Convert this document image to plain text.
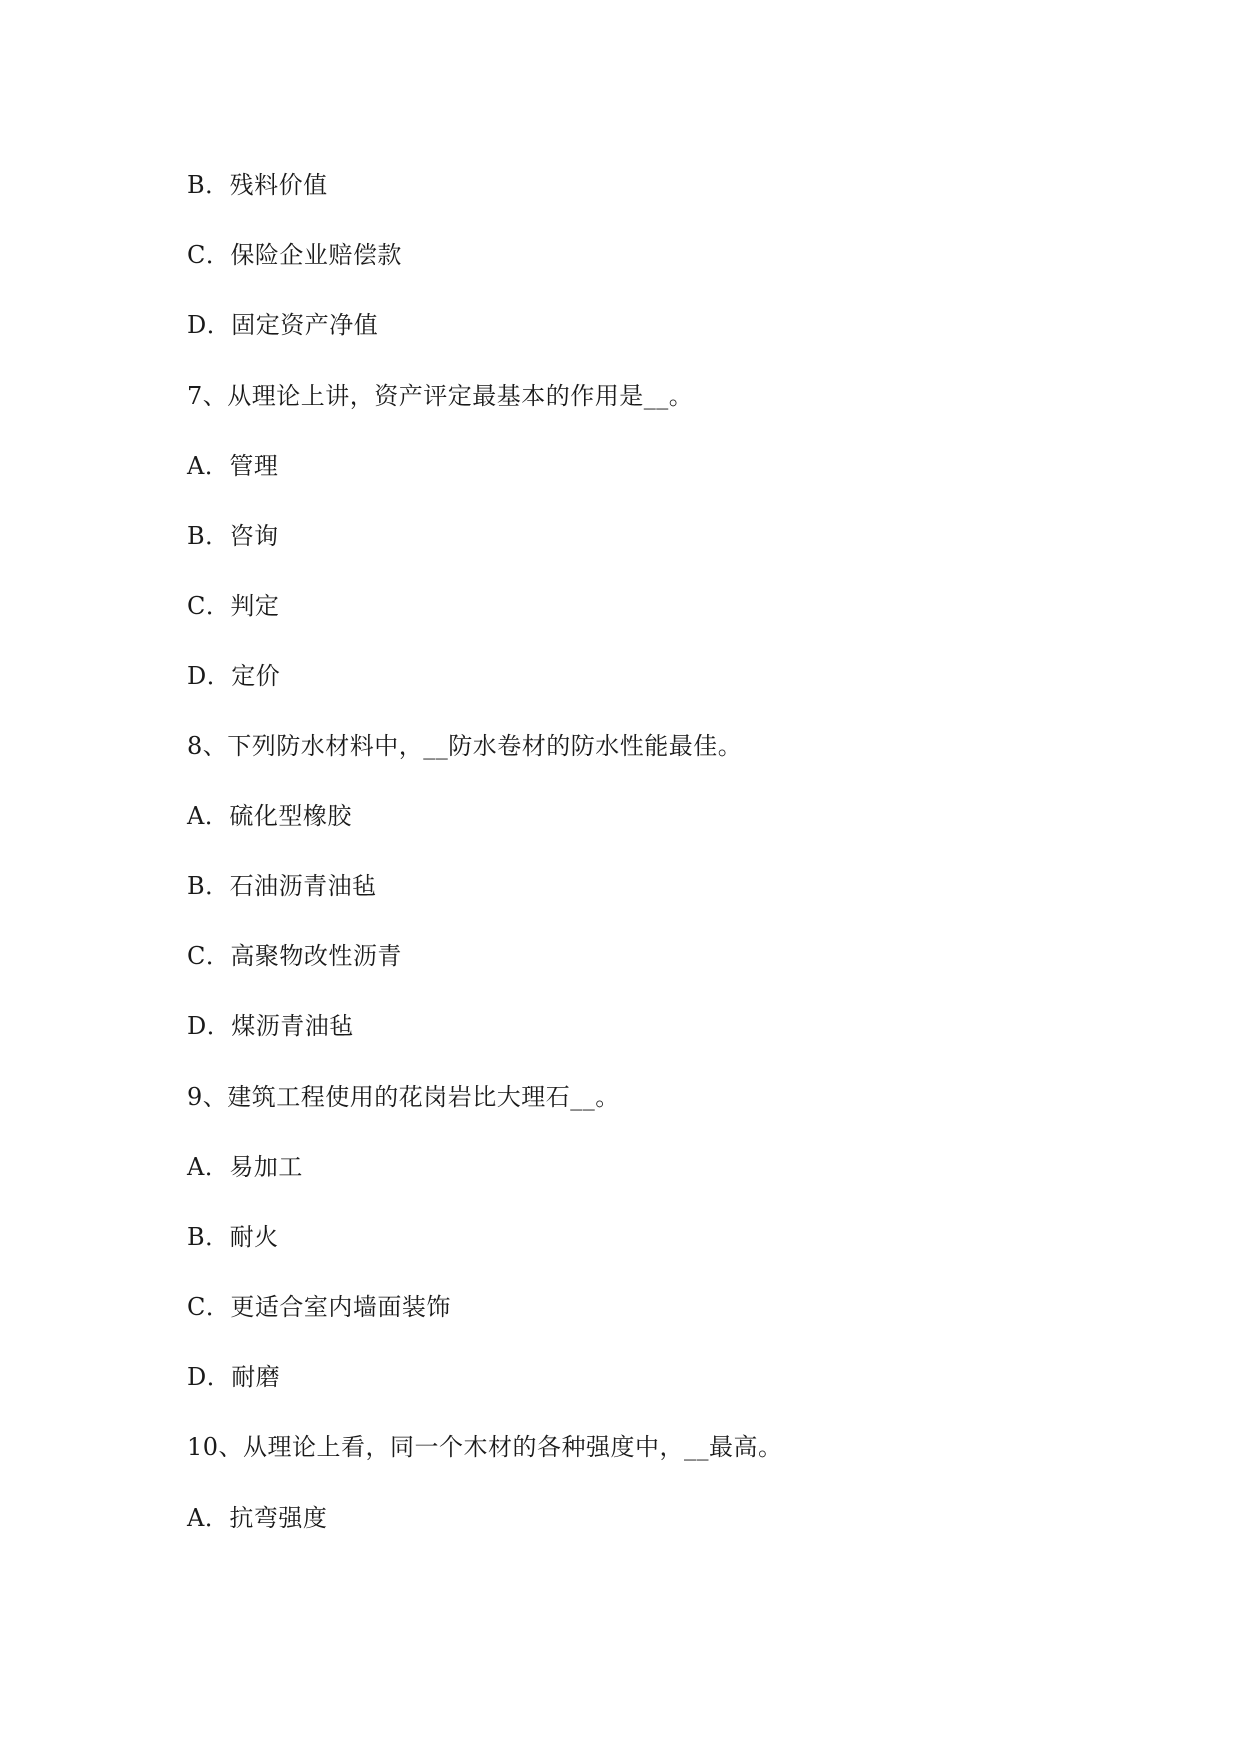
B．残料价值
C．保险企业赔偿款
D．固定资产净值
7、从理论上讲，资产评定最基本的作用是__。
A．管理
B．咨询
C．判定
D．定价
8、下列防水材料中，__防水卷材的防水性能最佳。
A．硫化型橡胶
B．石油沥青油毡
C．高聚物改性沥青
D．煤沥青油毡
9、建筑工程使用的花岗岩比大理石__。
A．易加工
B．耐火
C．更适合室内墙面装饰
D．耐磨
10、从理论上看，同一个木材的各种强度中，__最高。
A．抗弯强度
